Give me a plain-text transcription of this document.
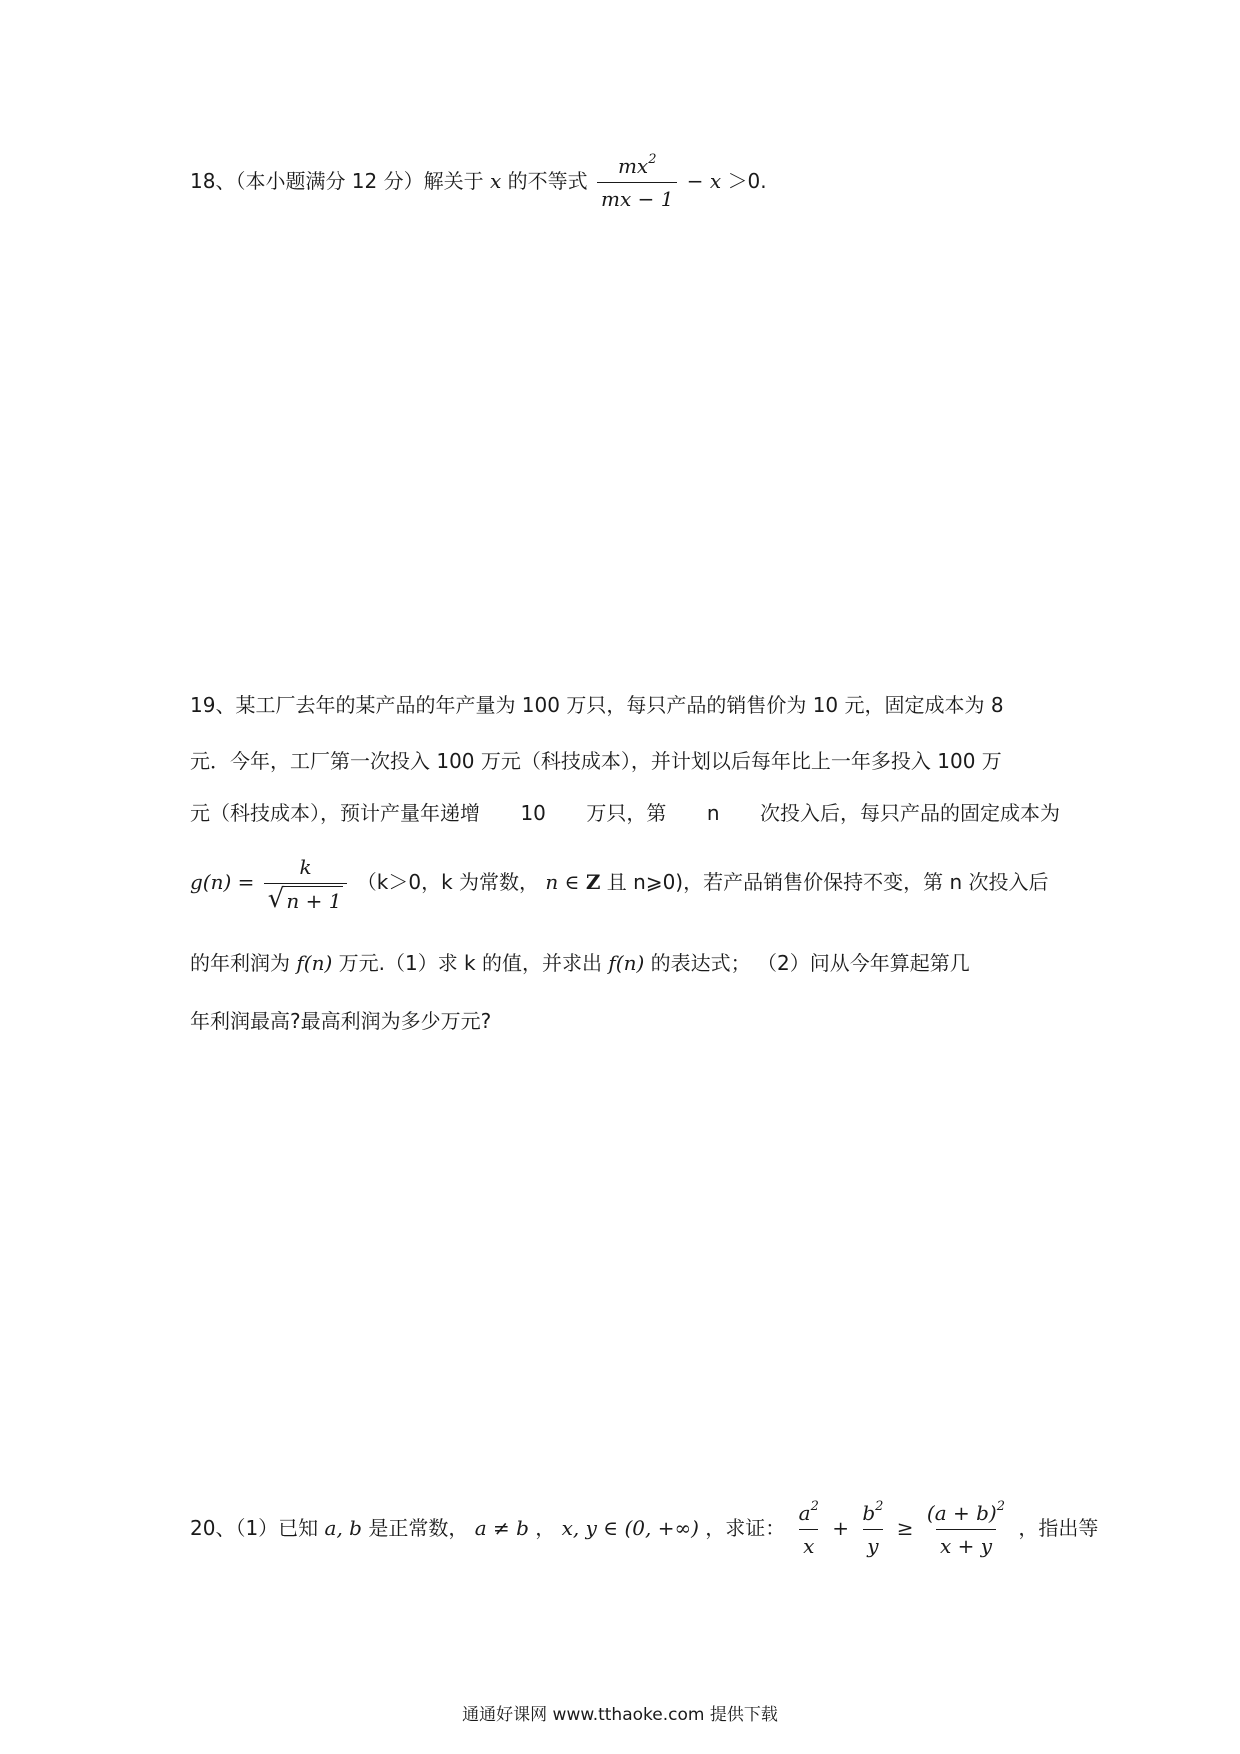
18、（本小题满分 12 分）解关于 x 的不等式 $\frac{mx^2}{mx - 1} - x >0$.
19、某工厂去年的某产品的年产量为 100 万只，每只产品的销售价为 10 元，固定成本为 8
元．今年，工厂第一次投入 100 万元（科技成本），并计划以后每年比上一年多投入 100 万
元（科技成本），预计产量年递增 10 万只，第 n 次投入后，每只产品的固定成本为
$g(n) = \frac{k}{√ n + 1} (k>0$，k 为常数， n ∈ Z 且 n⩾0)，若产品销售价保持不变，第 n 次投入后
的年利润为 f(n) 万元.（1）求 k 的值，并求出 f(n) 的表达式； （2）问从今年算起第几
年利润最高?最高利润为多少万元?
20、（1）已知 a, b 是正常数， a ≠ b ， x, y ∈ (0, +∞) ，求证： $\frac{a^2}{x} + \frac{b^2}{y} \ge \frac{(a + b)^2}{x + y}$ ，指出等
通通好课网 www.tthaoke.com 提供下载
